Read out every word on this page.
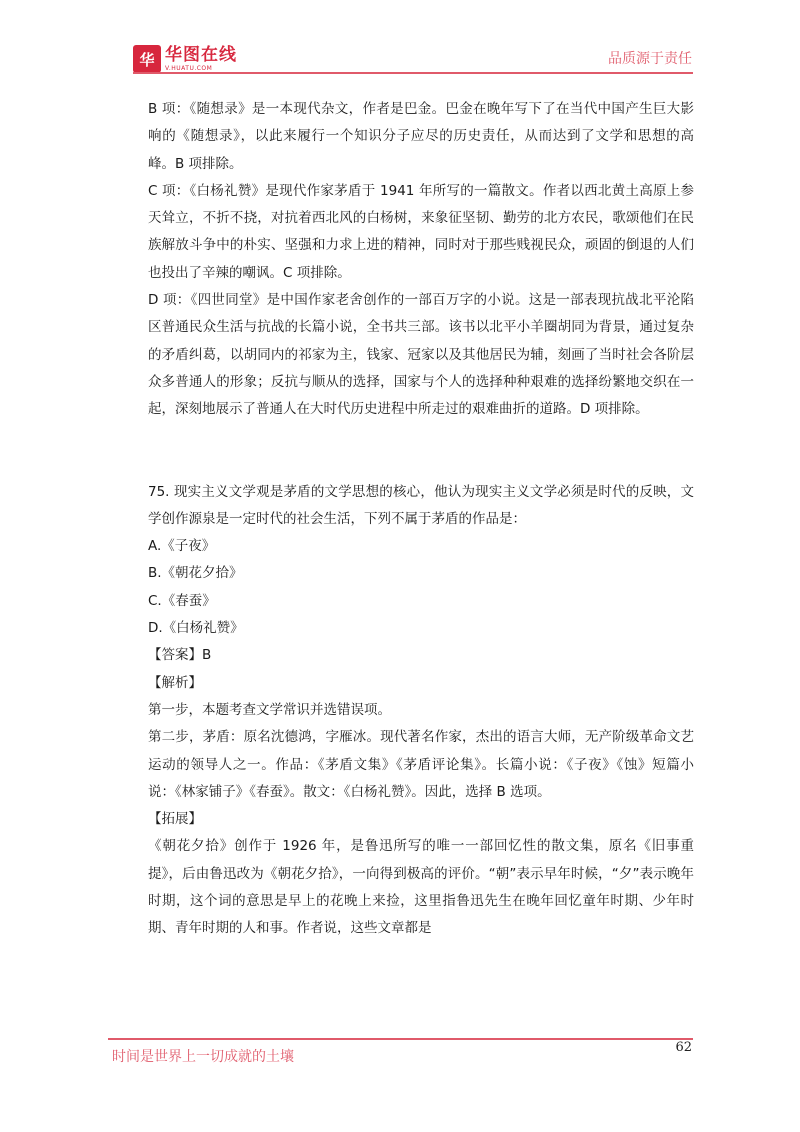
华 华图在线
V.HUATU.COM
品质源于责任

B 项：《随想录》是一本现代杂文，作者是巴金。巴金在晚年写下了在当代中国产生巨大影响的《随想录》，以此来履行一个知识分子应尽的历史责任，从而达到了文学和思想的高峰。B 项排除。

C 项：《白杨礼赞》是现代作家茅盾于 1941 年所写的一篇散文。作者以西北黄土高原上参天耸立，不折不挠，对抗着西北风的白杨树，来象征坚韧、勤劳的北方农民，歌颂他们在民族解放斗争中的朴实、坚强和力求上进的精神，同时对于那些贱视民众，顽固的倒退的人们也投出了辛辣的嘲讽。C 项排除。

D 项：《四世同堂》是中国作家老舍创作的一部百万字的小说。这是一部表现抗战北平沦陷区普通民众生活与抗战的长篇小说，全书共三部。该书以北平小羊圈胡同为背景，通过复杂的矛盾纠葛，以胡同内的祁家为主，钱家、冠家以及其他居民为辅，刻画了当时社会各阶层众多普通人的形象；反抗与顺从的选择，国家与个人的选择种种艰难的选择纷繁地交织在一起，深刻地展示了普通人在大时代历史进程中所走过的艰难曲折的道路。D 项排除。

75. 现实主义文学观是茅盾的文学思想的核心，他认为现实主义文学必须是时代的反映，文学创作源泉是一定时代的社会生活，下列不属于茅盾的作品是：

A.《子夜》

B.《朝花夕拾》

C.《春蚕》

D.《白杨礼赞》

【答案】B

【解析】

第一步，本题考查文学常识并选错误项。

第二步，茅盾：原名沈德鸿，字雁冰。现代著名作家，杰出的语言大师，无产阶级革命文艺运动的领导人之一。作品：《茅盾文集》《茅盾评论集》。长篇小说：《子夜》《蚀》短篇小说：《林家铺子》《春蚕》。散文：《白杨礼赞》。因此，选择 B 选项。

【拓展】

《朝花夕拾》创作于 1926 年，是鲁迅所写的唯一一部回忆性的散文集，原名《旧事重提》，后由鲁迅改为《朝花夕拾》，一向得到极高的评价。“朝”表示早年时候，“夕”表示晚年时期，这个词的意思是早上的花晚上来捡，这里指鲁迅先生在晚年回忆童年时期、少年时期、青年时期的人和事。作者说，这些文章都是

时间是世界上一切成就的土壤
62
